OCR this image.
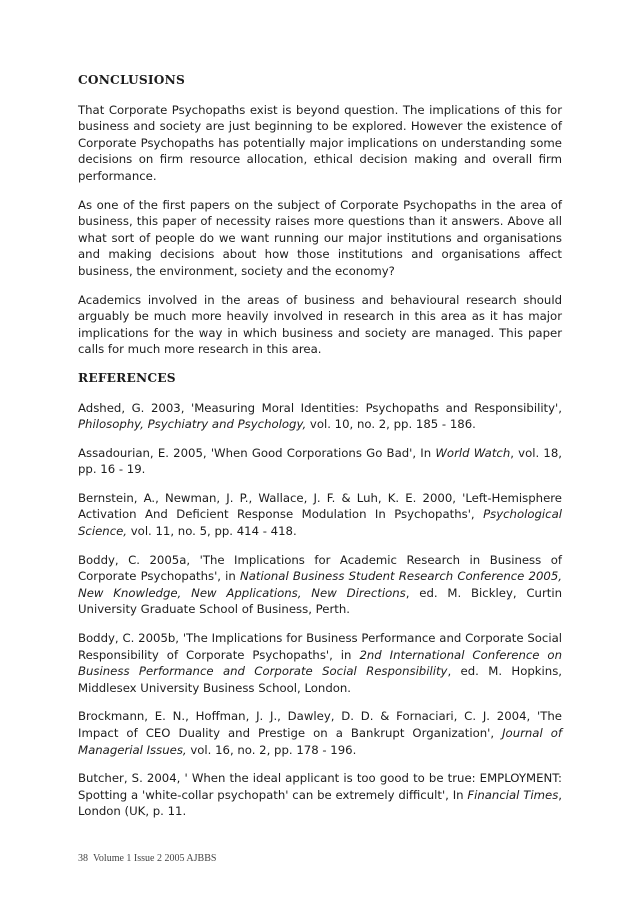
CONCLUSIONS

That Corporate Psychopaths exist is beyond question. The implications of this for business and society are just beginning to be explored. However the existence of Corporate Psychopaths has potentially major implications on understanding some decisions on firm resource allocation, ethical decision making and overall firm performance.

As one of the first papers on the subject of Corporate Psychopaths in the area of business, this paper of necessity raises more questions than it answers. Above all what sort of people do we want running our major institutions and organisations and making decisions about how those institutions and organisations affect business, the environment, society and the economy?

Academics involved in the areas of business and behavioural research should arguably be much more heavily involved in research in this area as it has major implications for the way in which business and society are managed. This paper calls for much more research in this area.

REFERENCES
Adshed, G. 2003, 'Measuring Moral Identities: Psychopaths and Responsibility', Philosophy, Psychiatry and Psychology, vol. 10, no. 2, pp. 185 - 186.
Assadourian, E. 2005, 'When Good Corporations Go Bad', In World Watch, vol. 18, pp. 16 - 19.
Bernstein, A., Newman, J. P., Wallace, J. F. & Luh, K. E. 2000, 'Left-Hemisphere Activation And Deficient Response Modulation In Psychopaths', Psychological Science, vol. 11, no. 5, pp. 414 - 418.
Boddy, C. 2005a, 'The Implications for Academic Research in Business of Corporate Psychopaths', in National Business Student Research Conference 2005, New Knowledge, New Applications, New Directions, ed. M. Bickley, Curtin University Graduate School of Business, Perth.
Boddy, C. 2005b, 'The Implications for Business Performance and Corporate Social Responsibility of Corporate Psychopaths', in 2nd International Conference on Business Performance and Corporate Social Responsibility, ed. M. Hopkins, Middlesex University Business School, London.
Brockmann, E. N., Hoffman, J. J., Dawley, D. D. & Fornaciari, C. J. 2004, 'The Impact of CEO Duality and Prestige on a Bankrupt Organization', Journal of Managerial Issues, vol. 16, no. 2, pp. 178 - 196.
Butcher, S. 2004, ' When the ideal applicant is too good to be true: EMPLOYMENT: Spotting a 'white-collar psychopath' can be extremely difficult', In Financial Times, London (UK, p. 11.
38 Volume 1 Issue 2 2005 AJBBS
